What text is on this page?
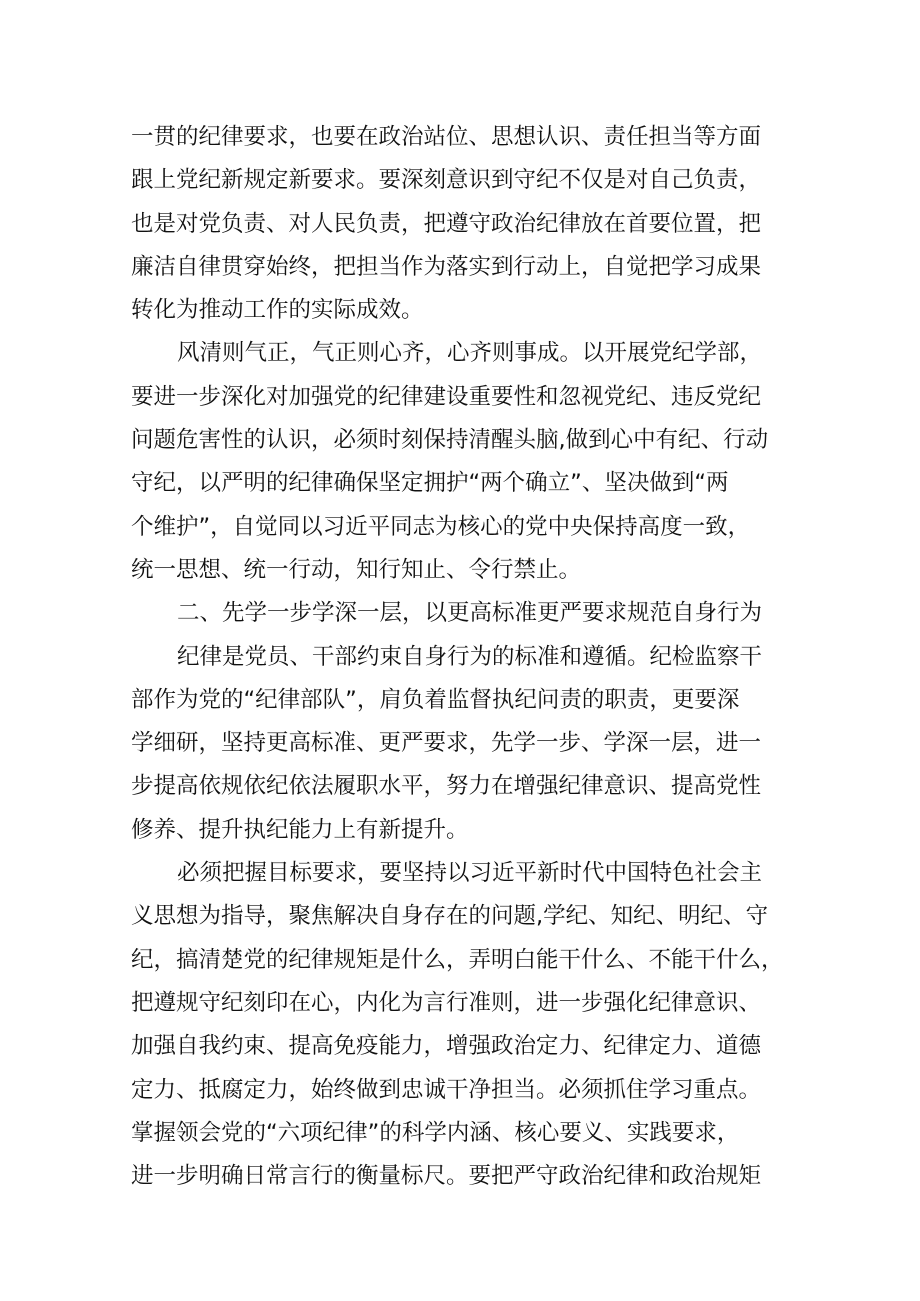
一贯的纪律要求，也要在政治站位、思想认识、责任担当等方面
跟上党纪新规定新要求。要深刻意识到守纪不仅是对自己负责，
也是对党负责、对人民负责，把遵守政治纪律放在首要位置，把
廉洁自律贯穿始终，把担当作为落实到行动上，自觉把学习成果
转化为推动工作的实际成效。
风清则气正，气正则心齐，心齐则事成。以开展党纪学部，
要进一步深化对加强党的纪律建设重要性和忽视党纪、违反党纪
问题危害性的认识，必须时刻保持清醒头脑,做到心中有纪、行动
守纪，以严明的纪律确保坚定拥护“两个确立”、坚决做到“两
个维护”，自觉同以习近平同志为核心的党中央保持高度一致，
统一思想、统一行动，知行知止、令行禁止。
二、先学一步学深一层，以更高标准更严要求规范自身行为
纪律是党员、干部约束自身行为的标准和遵循。纪检监察干
部作为党的“纪律部队”，肩负着监督执纪问责的职责，更要深
学细研，坚持更高标准、更严要求，先学一步、学深一层，进一
步提高依规依纪依法履职水平，努力在增强纪律意识、提高党性
修养、提升执纪能力上有新提升。
必须把握目标要求，要坚持以习近平新时代中国特色社会主
义思想为指导，聚焦解决自身存在的问题,学纪、知纪、明纪、守
纪，搞清楚党的纪律规矩是什么，弄明白能干什么、不能干什么，
把遵规守纪刻印在心，内化为言行准则，进一步强化纪律意识、
加强自我约束、提高免疫能力，增强政治定力、纪律定力、道德
定力、抵腐定力，始终做到忠诚干净担当。必须抓住学习重点。
掌握领会党的“六项纪律”的科学内涵、核心要义、实践要求，
进一步明确日常言行的衡量标尺。要把严守政治纪律和政治规矩
